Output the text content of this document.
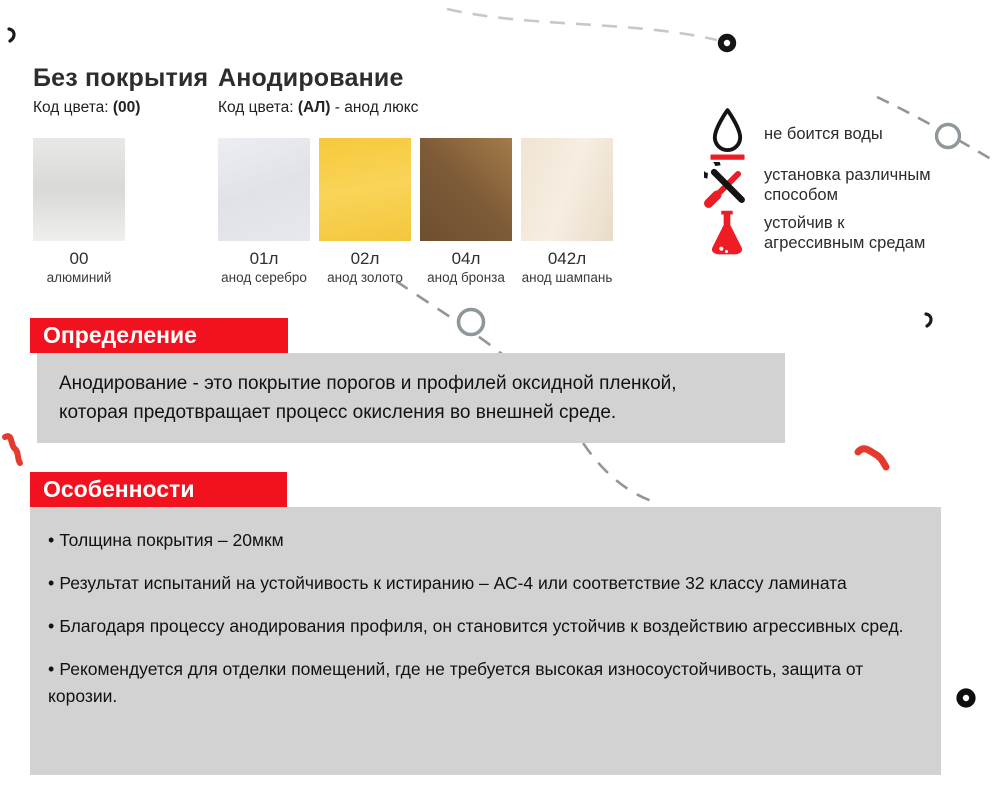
Без покрытия
Код цвета: (00)
Анодирование
Код цвета: (АЛ) - анод люкс
00
алюминий
01л
анод серебро
02л
анод золото
04л
анод бронза
042л
анод шампань
не боится воды
установка различным
способом
устойчив к
агрессивным средам
Определение
Анодирование - это покрытие порогов и профилей оксидной пленкой, которая предотвращает процесс окисления во внешней среде.
Особенности
• Толщина покрытия – 20мкм
• Результат испытаний на устойчивость к истиранию – АС-4 или соответствие 32 классу ламината
• Благодаря процессу анодирования профиля, он становится устойчив к воздействию агрессивных сред.
• Рекомендуется для отделки помещений, где не требуется высокая износоустойчивость, защита от корозии.
